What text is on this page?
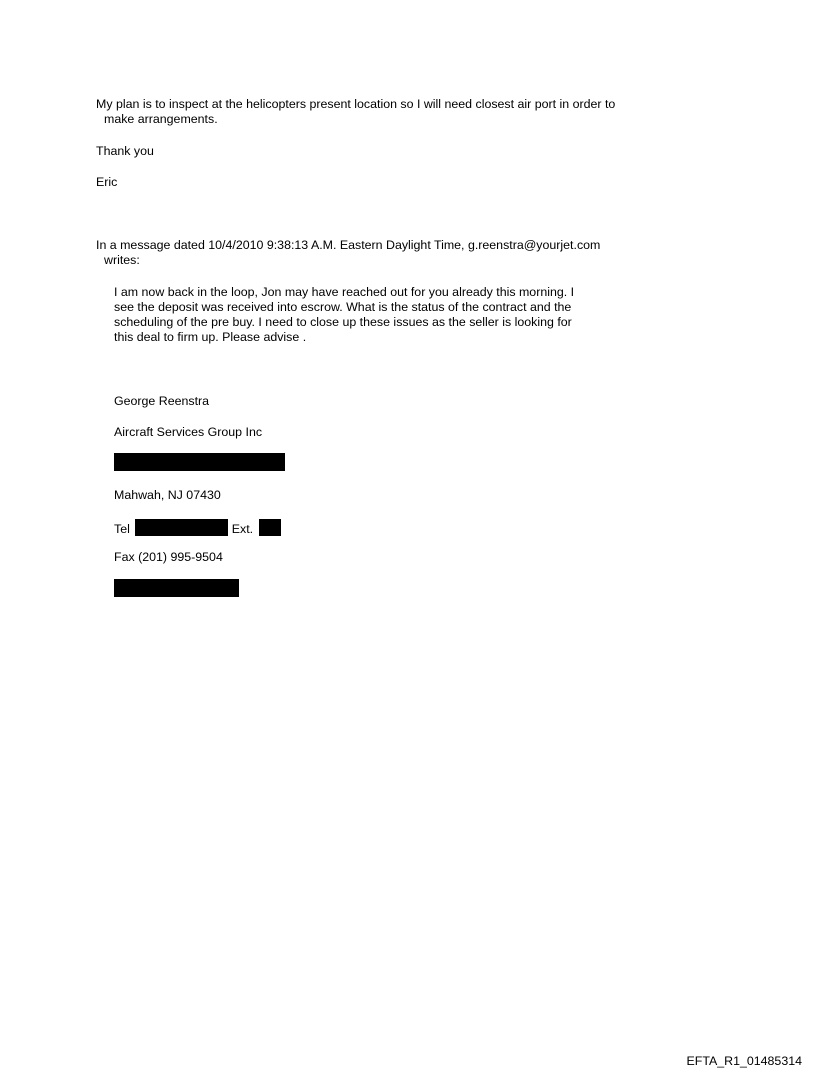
My plan is to inspect at the helicopters present location so I will need closest air port in order to
make arrangements.

Thank you

Eric

In a message dated 10/4/2010 9:38:13 A.M. Eastern Daylight Time, g.reenstra@yourjet.com
writes:

I am now back in the loop, Jon may have reached out for you already this morning. I
see the deposit was received into escrow. What is the status of the contract and the
scheduling of the pre buy. I need to close up these issues as the seller is looking for
this deal to firm up. Please advise .

George Reenstra

Aircraft Services Group Inc

Mahwah, NJ 07430

Tel	Ext.

Fax (201) 995-9504

EFTA_R1_01485314
